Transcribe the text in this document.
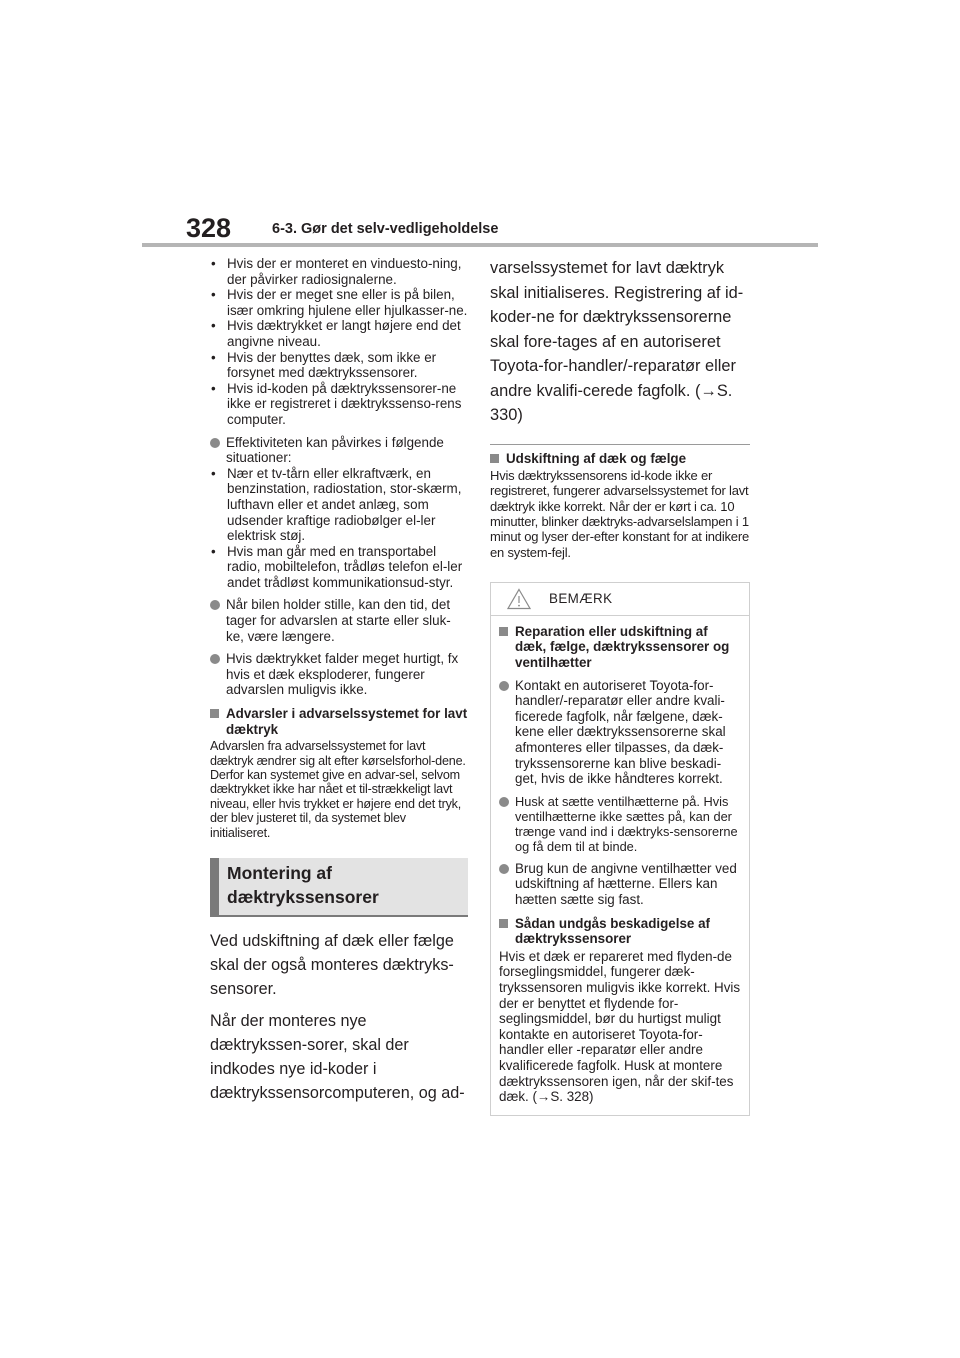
328	6-3. Gør det selv-vedligeholdelse
• Hvis der er monteret en vinduesto-ning, der påvirker radiosignalerne.
• Hvis der er meget sne eller is på bilen, især omkring hjulene eller hjulkasser-ne.
• Hvis dæktrykket er langt højere end det angivne niveau.
• Hvis der benyttes dæk, som ikke er forsynet med dæktrykssensorer.
• Hvis id-koden på dæktrykssensorer-ne ikke er registreret i dæktrykssenso-rens computer.
Effektiviteten kan påvirkes i følgende situationer:
• Nær et tv-tårn eller elkraftværk, en benzinstation, radiostation, stor-skærm, lufthavn eller et andet anlæg, som udsender kraftige radiobølger el-ler elektrisk støj.
• Hvis man går med en transportabel radio, mobiltelefon, trådløs telefon el-ler andet trådløst kommunikationsud-styr.
Når bilen holder stille, kan den tid, det tager for advarslen at starte eller sluk-ke, være længere.
Hvis dæktrykket falder meget hurtigt, fx hvis et dæk eksploderer, fungerer advarslen muligvis ikke.
Advarsler i advarselssystemet for lavt dæktryk
Advarslen fra advarselssystemet for lavt dæktryk ændrer sig alt efter kørselsforhol-dene. Derfor kan systemet give en advar-sel, selvom dæktrykket ikke har nået et til-strækkeligt lavt niveau, eller hvis trykket er højere end det tryk, der blev justeret til, da systemet blev initialiseret.
Montering af
dæktrykssensorer
Ved udskiftning af dæk eller fælge skal der også monteres dæktryks-sensorer.
Når der monteres nye dæktrykssen-sorer, skal der indkodes nye id-koder i dæktrykssensorcomputeren, og ad-
varselssystemet for lavt dæktryk skal initialiseres. Registrering af id-koder-ne for dæktrykssensorerne skal fore-tages af en autoriseret Toyota-for-handler/-reparatør eller andre kvalifi-cerede fagfolk. (→S. 330)
Udskiftning af dæk og fælge
Hvis dæktrykssensorens id-kode ikke er registreret, fungerer advarselssystemet for lavt dæktryk ikke korrekt. Når der er kørt i ca. 10 minutter, blinker dæktryks-advarselslampen i 1 minut og lyser der-efter konstant for at indikere en system-fejl.
BEMÆRK
Reparation eller udskiftning af dæk, fælge, dæktrykssensorer og ventilhætter
Kontakt en autoriseret Toyota-for-handler/-reparatør eller andre kvali-ficerede fagfolk, når fælgene, dæk-kene eller dæktrykssensorerne skal afmonteres eller tilpasses, da dæk-trykssensorerne kan blive beskadi-get, hvis de ikke håndteres korrekt.
Husk at sætte ventilhætterne på. Hvis ventilhætterne ikke sættes på, kan der trænge vand ind i dæktryks-sensorerne og få dem til at binde.
Brug kun de angivne ventilhætter ved udskiftning af hætterne. Ellers kan hætten sætte sig fast.
Sådan undgås beskadigelse af dæktrykssensorer
Hvis et dæk er repareret med flyden-de forseglingsmiddel, fungerer dæk-trykssensoren muligvis ikke korrekt. Hvis der er benyttet et flydende for-seglingsmiddel, bør du hurtigst muligt kontakte en autoriseret Toyota-for-handler eller -reparatør eller andre kvalificerede fagfolk. Husk at montere dæktrykssensoren igen, når der skif-tes dæk. (→S. 328)
